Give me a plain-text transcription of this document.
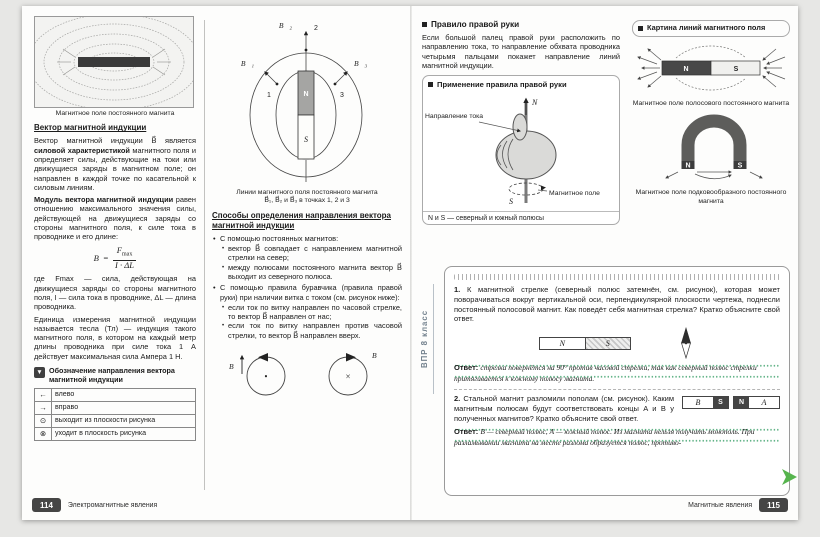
Магнитное поле постоянного магнита
Вектор магнитной индукции

Вектор магнитной индукции B⃗ является силовой характеристикой магнитного поля и определяет силы, действующие на токи или движущиеся заряды в магнитном поле; он направлен в каждой точке по касательной к силовым линиям.

Модуль вектора магнитной индукции равен отношению максимального значения силы, действующей на движущиеся заряды со стороны магнитного поля, к силе тока в проводнике и его длине:

$B = \frac{F_{max}}{I \cdot \Delta L}$

где Fmax — сила, действующая на движущиеся заряды со стороны магнитного поля, I — сила тока в проводнике, ΔL — длина проводника.

Единица измерения магнитной индукции называется тесла (Тл) — индукция такого магнитного поля, в котором на каждый метр длины проводника при силе тока 1 А действует максимальная сила Ампера 1 Н.

▼ Обозначение направления вектора магнитной индукции
←	влево
→	вправо
⊙	выходит из плоскости рисунка
⊗	уходит в плоскость рисунка
B⃗₂	2
B⃗₁
1
B⃗₃
3
N
S

Линии магнитного поля постоянного магнита
B⃗₁, B⃗₂ и B⃗₃ в точках 1, 2 и 3

Способы определения направления вектора магнитной индукции
• С помощью постоянных магнитов:
• вектор B⃗ совпадает с направлением магнитной стрелки на север;
• между полюсами постоянного магнита вектор B⃗ выходит из северного полюса.
• С помощью правила буравчика (правила правой руки) при наличии витка с током (см. рисунок ниже):
• если ток по витку направлен по часовой стрелке, то вектор B⃗ направлен от нас;
• если ток по витку направлен против часовой стрелки, то вектор B⃗ направлен вверх.
•
B⃗
×
B⃗
Правило правой руки

Если большой палец правой руки расположить по направлению тока, то направление обхвата проводника четырьмя пальцами покажет направление линий магнитной индукции.

Применение правила правой руки
N
S
Направление тока
Магнитное поле
N и S — северный и южный полюсы
Картина линий магнитного поля
N	S

Магнитное поле полосового постоянного магнита

N	S

Магнитное поле подковообразного постоянного магнита

ВПР 8 класс

1. К магнитной стрелке (северный полюс затемнён, см. рисунок), которая может поворачиваться вокруг вертикальной оси, перпендикулярной плоскости чертежа, поднесли постоянный полосовой магнит. Как поведёт себя магнитная стрелка? Кратко объясните свой ответ.

N	S

Ответ: стрелка повернётся на 90° против часовой стрелки, так как северный полюс стрелки притягивается к южному полюсу магнита.

B	S	N	A

2. Стальной магнит разломили пополам (см. рисунок). Каким магнитным полюсам будут соответствовать концы A и B у полученных магнитов? Кратко объясните свой ответ.

Ответ: B — северный полюс, A — южный полюс. Из магнита нельзя получить монополь. При разламывании магнита на месте разлома образуется полюс, противо-

114	Электромагнитные явления	Магнитные явления	115
